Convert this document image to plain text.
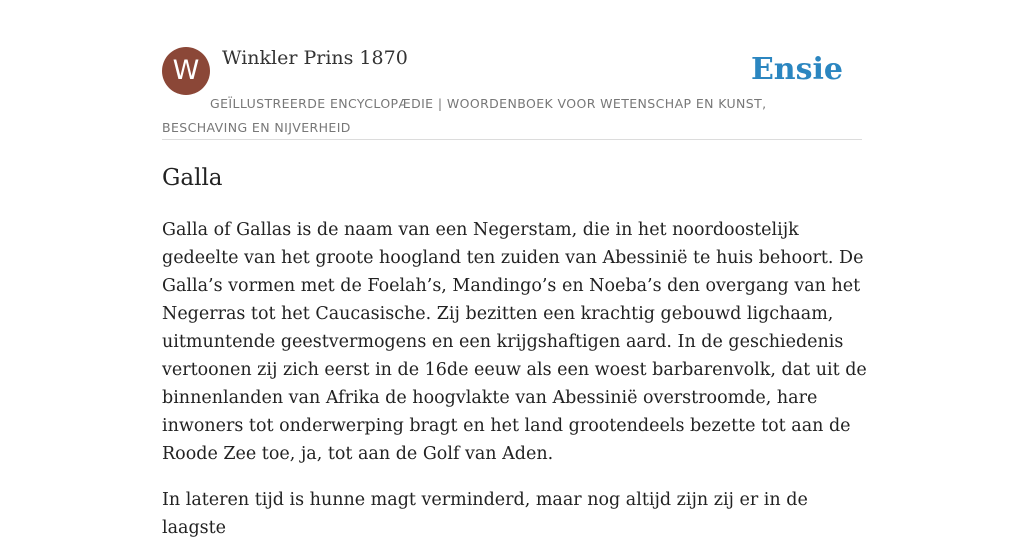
W	Winkler Prins 1870	Ensie
GEÏLLUSTREERDE ENCYCLOPÆDIE | WOORDENBOEK VOOR WETENSCHAP EN KUNST, BESCHAVING EN NIJVERHEID
Galla

Galla of Gallas is de naam van een Negerstam, die in het noordoostelijk gedeelte van het groote hoogland ten zuiden van Abessinië te huis behoort. De Galla’s vormen met de Foelah’s, Mandingo’s en Noeba’s den overgang van het Negerras tot het Caucasische. Zij bezitten een krachtig gebouwd ligchaam, uitmuntende geestvermogens en een krijgshaftigen aard. In de geschiedenis vertoonen zij zich eerst in de 16de eeuw als een woest barbarenvolk, dat uit de binnenlanden van Afrika de hoogvlakte van Abessinië overstroomde, hare inwoners tot onderwerping bragt en het land grootendeels bezette tot aan de Roode Zee toe, ja, tot aan de Golf van Aden.

In lateren tijd is hunne magt verminderd, maar nog altijd zijn zij er in de laagste
